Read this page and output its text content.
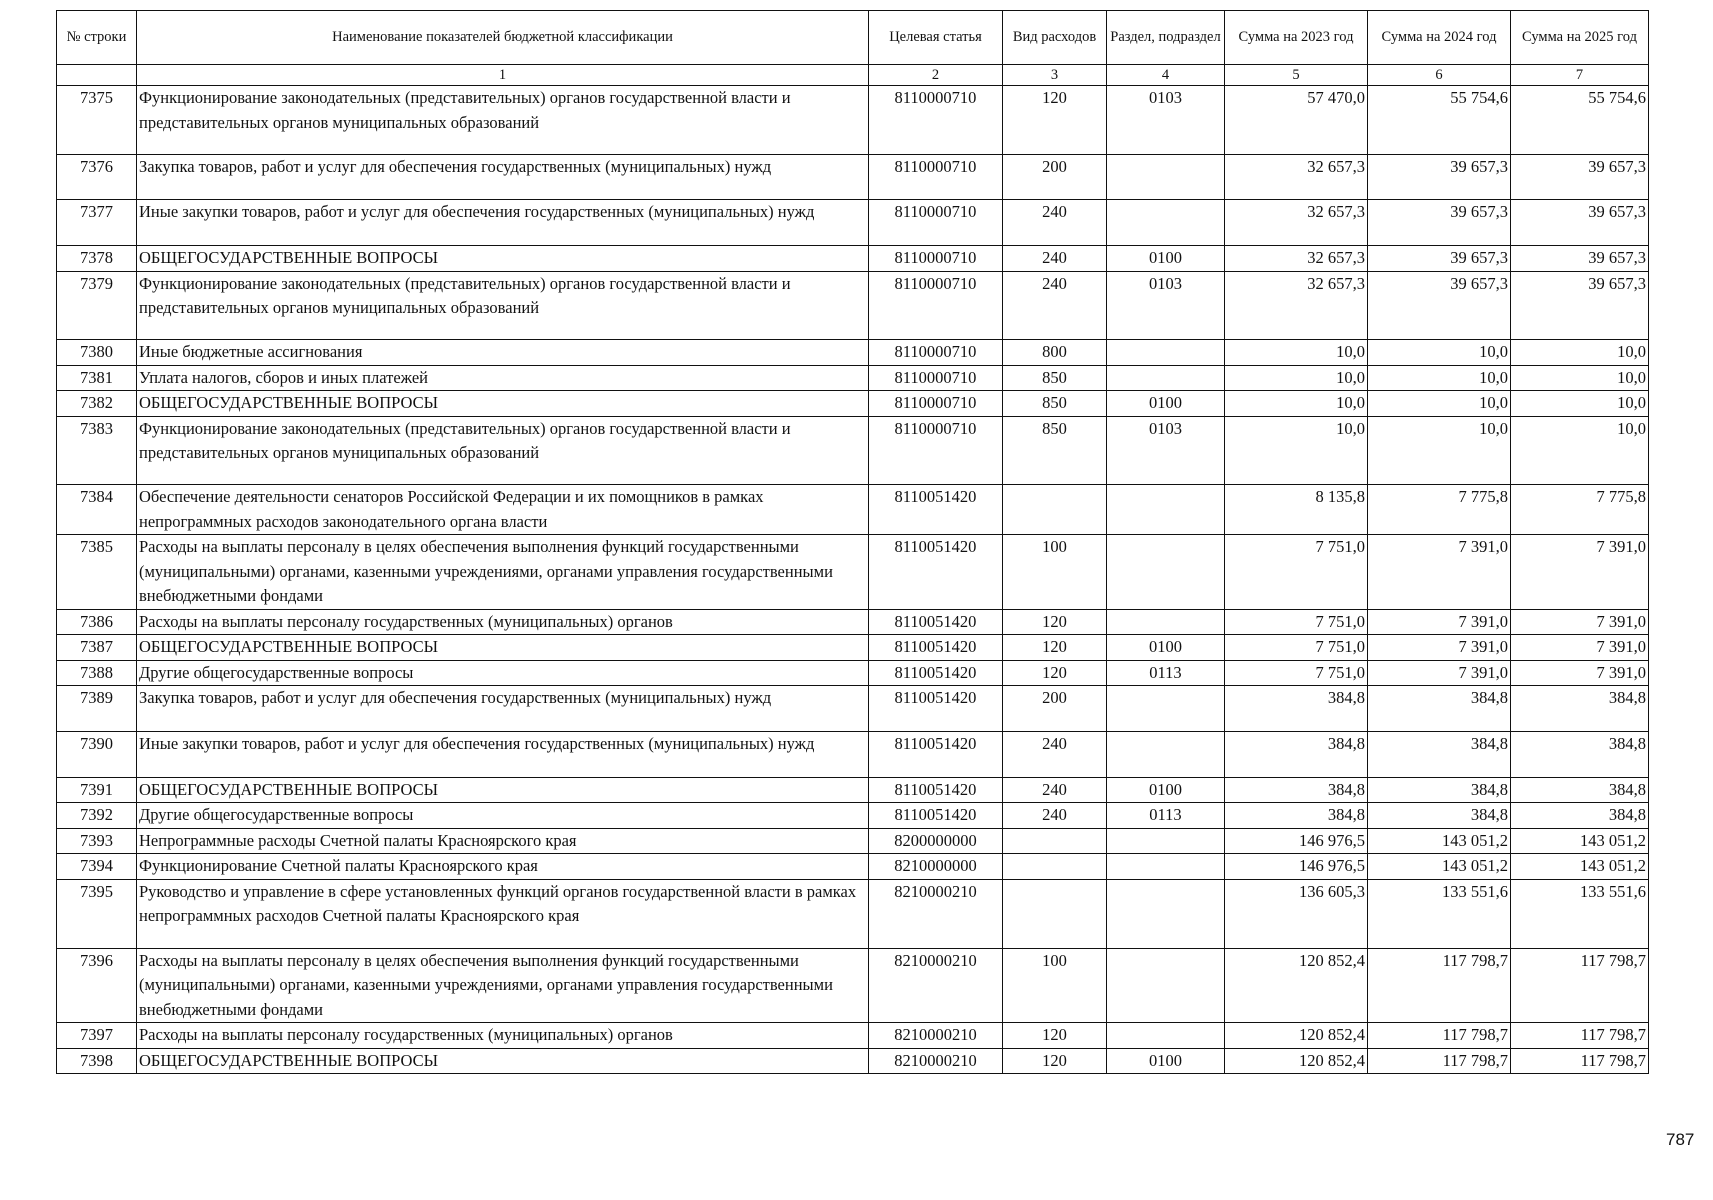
№ строки	Наименование показателей бюджетной классификации	Целевая статья	Вид расходов	Раздел, подраздел	Сумма на 2023 год	Сумма на 2024 год	Сумма на 2025 год
	1	2	3	4	5	6	7
7375	Функционирование законодательных (представительных) органов государственной власти и представительных органов муниципальных образований	8110000710	120	0103	57 470,0	55 754,6	55 754,6
7376	Закупка товаров, работ и услуг для обеспечения государственных (муниципальных) нужд	8110000710	200		32 657,3	39 657,3	39 657,3
7377	Иные закупки товаров, работ и услуг для обеспечения государственных (муниципальных) нужд	8110000710	240		32 657,3	39 657,3	39 657,3
7378	ОБЩЕГОСУДАРСТВЕННЫЕ ВОПРОСЫ	8110000710	240	0100	32 657,3	39 657,3	39 657,3
7379	Функционирование законодательных (представительных) органов государственной власти и представительных органов муниципальных образований	8110000710	240	0103	32 657,3	39 657,3	39 657,3
7380	Иные бюджетные ассигнования	8110000710	800		10,0	10,0	10,0
7381	Уплата налогов, сборов и иных платежей	8110000710	850		10,0	10,0	10,0
7382	ОБЩЕГОСУДАРСТВЕННЫЕ ВОПРОСЫ	8110000710	850	0100	10,0	10,0	10,0
7383	Функционирование законодательных (представительных) органов государственной власти и представительных органов муниципальных образований	8110000710	850	0103	10,0	10,0	10,0
7384	Обеспечение деятельности сенаторов Российской Федерации и их помощников в рамках непрограммных расходов законодательного органа власти	8110051420			8 135,8	7 775,8	7 775,8
7385	Расходы на выплаты персоналу в целях обеспечения выполнения функций государственными (муниципальными) органами, казенными учреждениями, органами управления государственными внебюджетными фондами	8110051420	100		7 751,0	7 391,0	7 391,0
7386	Расходы на выплаты персоналу государственных (муниципальных) органов	8110051420	120		7 751,0	7 391,0	7 391,0
7387	ОБЩЕГОСУДАРСТВЕННЫЕ ВОПРОСЫ	8110051420	120	0100	7 751,0	7 391,0	7 391,0
7388	Другие общегосударственные вопросы	8110051420	120	0113	7 751,0	7 391,0	7 391,0
7389	Закупка товаров, работ и услуг для обеспечения государственных (муниципальных) нужд	8110051420	200		384,8	384,8	384,8
7390	Иные закупки товаров, работ и услуг для обеспечения государственных (муниципальных) нужд	8110051420	240		384,8	384,8	384,8
7391	ОБЩЕГОСУДАРСТВЕННЫЕ ВОПРОСЫ	8110051420	240	0100	384,8	384,8	384,8
7392	Другие общегосударственные вопросы	8110051420	240	0113	384,8	384,8	384,8
7393	Непрограммные расходы Счетной палаты Красноярского края	8200000000			146 976,5	143 051,2	143 051,2
7394	Функционирование Счетной палаты Красноярского края	8210000000			146 976,5	143 051,2	143 051,2
7395	Руководство и управление в сфере установленных функций органов государственной власти в рамках непрограммных расходов Счетной палаты Красноярского края	8210000210			136 605,3	133 551,6	133 551,6
7396	Расходы на выплаты персоналу в целях обеспечения выполнения функций государственными (муниципальными) органами, казенными учреждениями, органами управления государственными внебюджетными фондами	8210000210	100		120 852,4	117 798,7	117 798,7
7397	Расходы на выплаты персоналу государственных (муниципальных) органов	8210000210	120		120 852,4	117 798,7	117 798,7
7398	ОБЩЕГОСУДАРСТВЕННЫЕ ВОПРОСЫ	8210000210	120	0100	120 852,4	117 798,7	117 798,7
787
